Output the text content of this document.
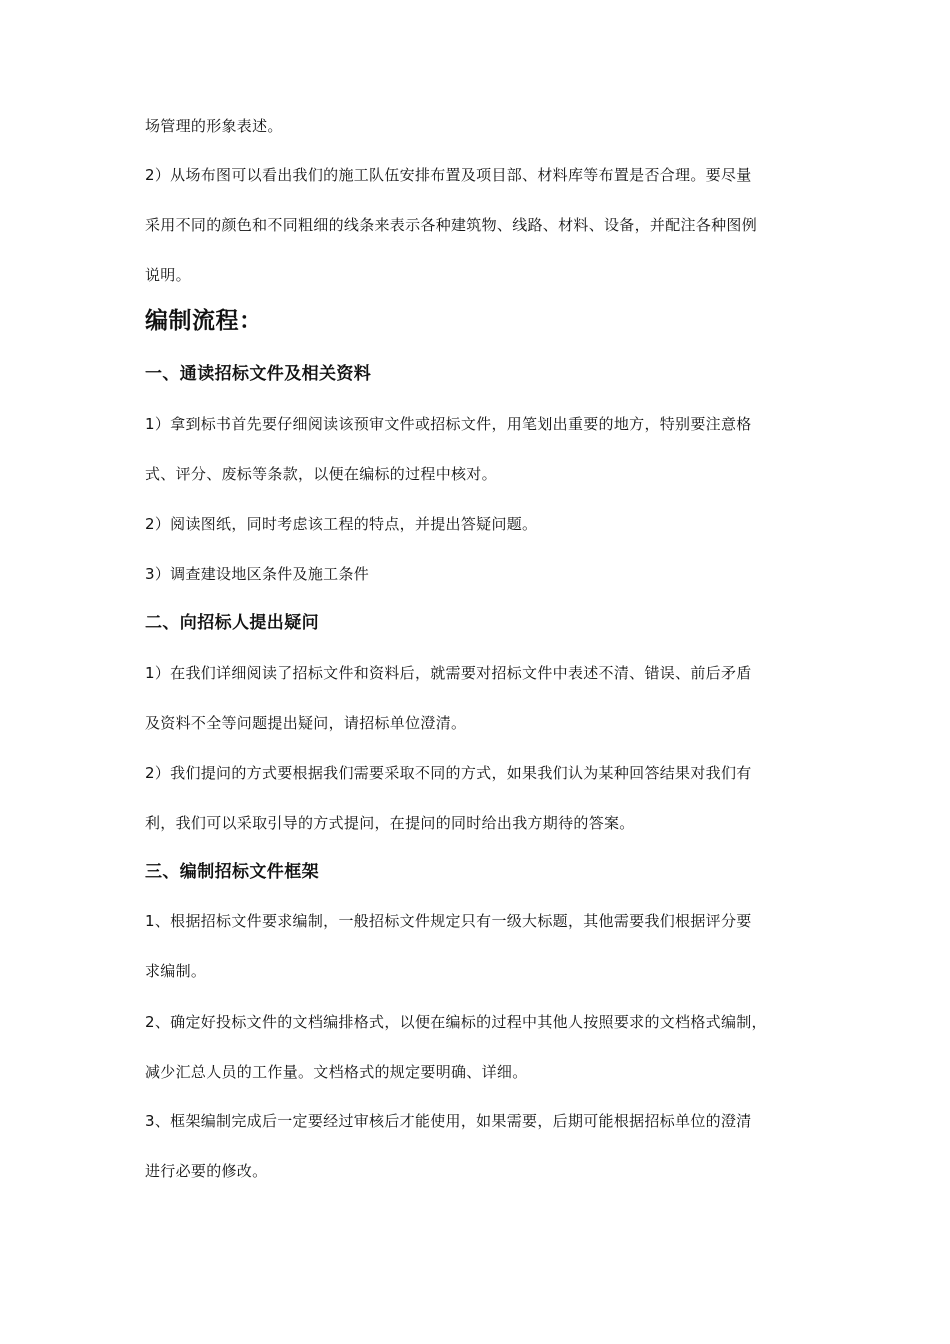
场管理的形象表述。

2）从场布图可以看出我们的施工队伍安排布置及项目部、材料库等布置是否合理。要尽量

采用不同的颜色和不同粗细的线条来表示各种建筑物、线路、材料、设备，并配注各种图例

说明。

编制流程：
一、通读招标文件及相关资料

1）拿到标书首先要仔细阅读该预审文件或招标文件，用笔划出重要的地方，特别要注意格

式、评分、废标等条款，以便在编标的过程中核对。

2）阅读图纸，同时考虑该工程的特点，并提出答疑问题。

3）调查建设地区条件及施工条件

二、向招标人提出疑问

1）在我们详细阅读了招标文件和资料后，就需要对招标文件中表述不清、错误、前后矛盾

及资料不全等问题提出疑问，请招标单位澄清。

2）我们提问的方式要根据我们需要采取不同的方式，如果我们认为某种回答结果对我们有

利，我们可以采取引导的方式提问，在提问的同时给出我方期待的答案。

三、编制招标文件框架

1、根据招标文件要求编制，一般招标文件规定只有一级大标题，其他需要我们根据评分要

求编制。

2、确定好投标文件的文档编排格式，以便在编标的过程中其他人按照要求的文档格式编制，

减少汇总人员的工作量。文档格式的规定要明确、详细。

3、框架编制完成后一定要经过审核后才能使用，如果需要，后期可能根据招标单位的澄清

进行必要的修改。
